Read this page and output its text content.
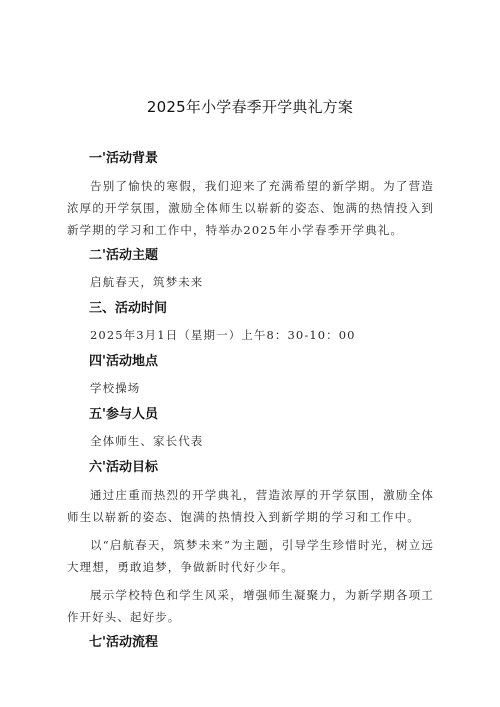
2025年小学春季开学典礼方案
一'活动背景

告别了愉快的寒假，我们迎来了充满希望的新学期。为了营造浓厚的开学氛围，激励全体师生以崭新的姿态、饱满的热情投入到新学期的学习和工作中，特举办2025年小学春季开学典礼。

二'活动主题

启航春天，筑梦未来

三、活动时间

2025年3月1日（星期一）上午8：30-10：00

四'活动地点

学校操场

五'参与人员

全体师生、家长代表

六'活动目标

通过庄重而热烈的开学典礼，营造浓厚的开学氛围，激励全体师生以崭新的姿态、饱满的热情投入到新学期的学习和工作中。

以“启航春天，筑梦未来”为主题，引导学生珍惜时光，树立远大理想，勇敢追梦，争做新时代好少年。

展示学校特色和学生风采，增强师生凝聚力，为新学期各项工作开好头、起好步。

七'活动流程
